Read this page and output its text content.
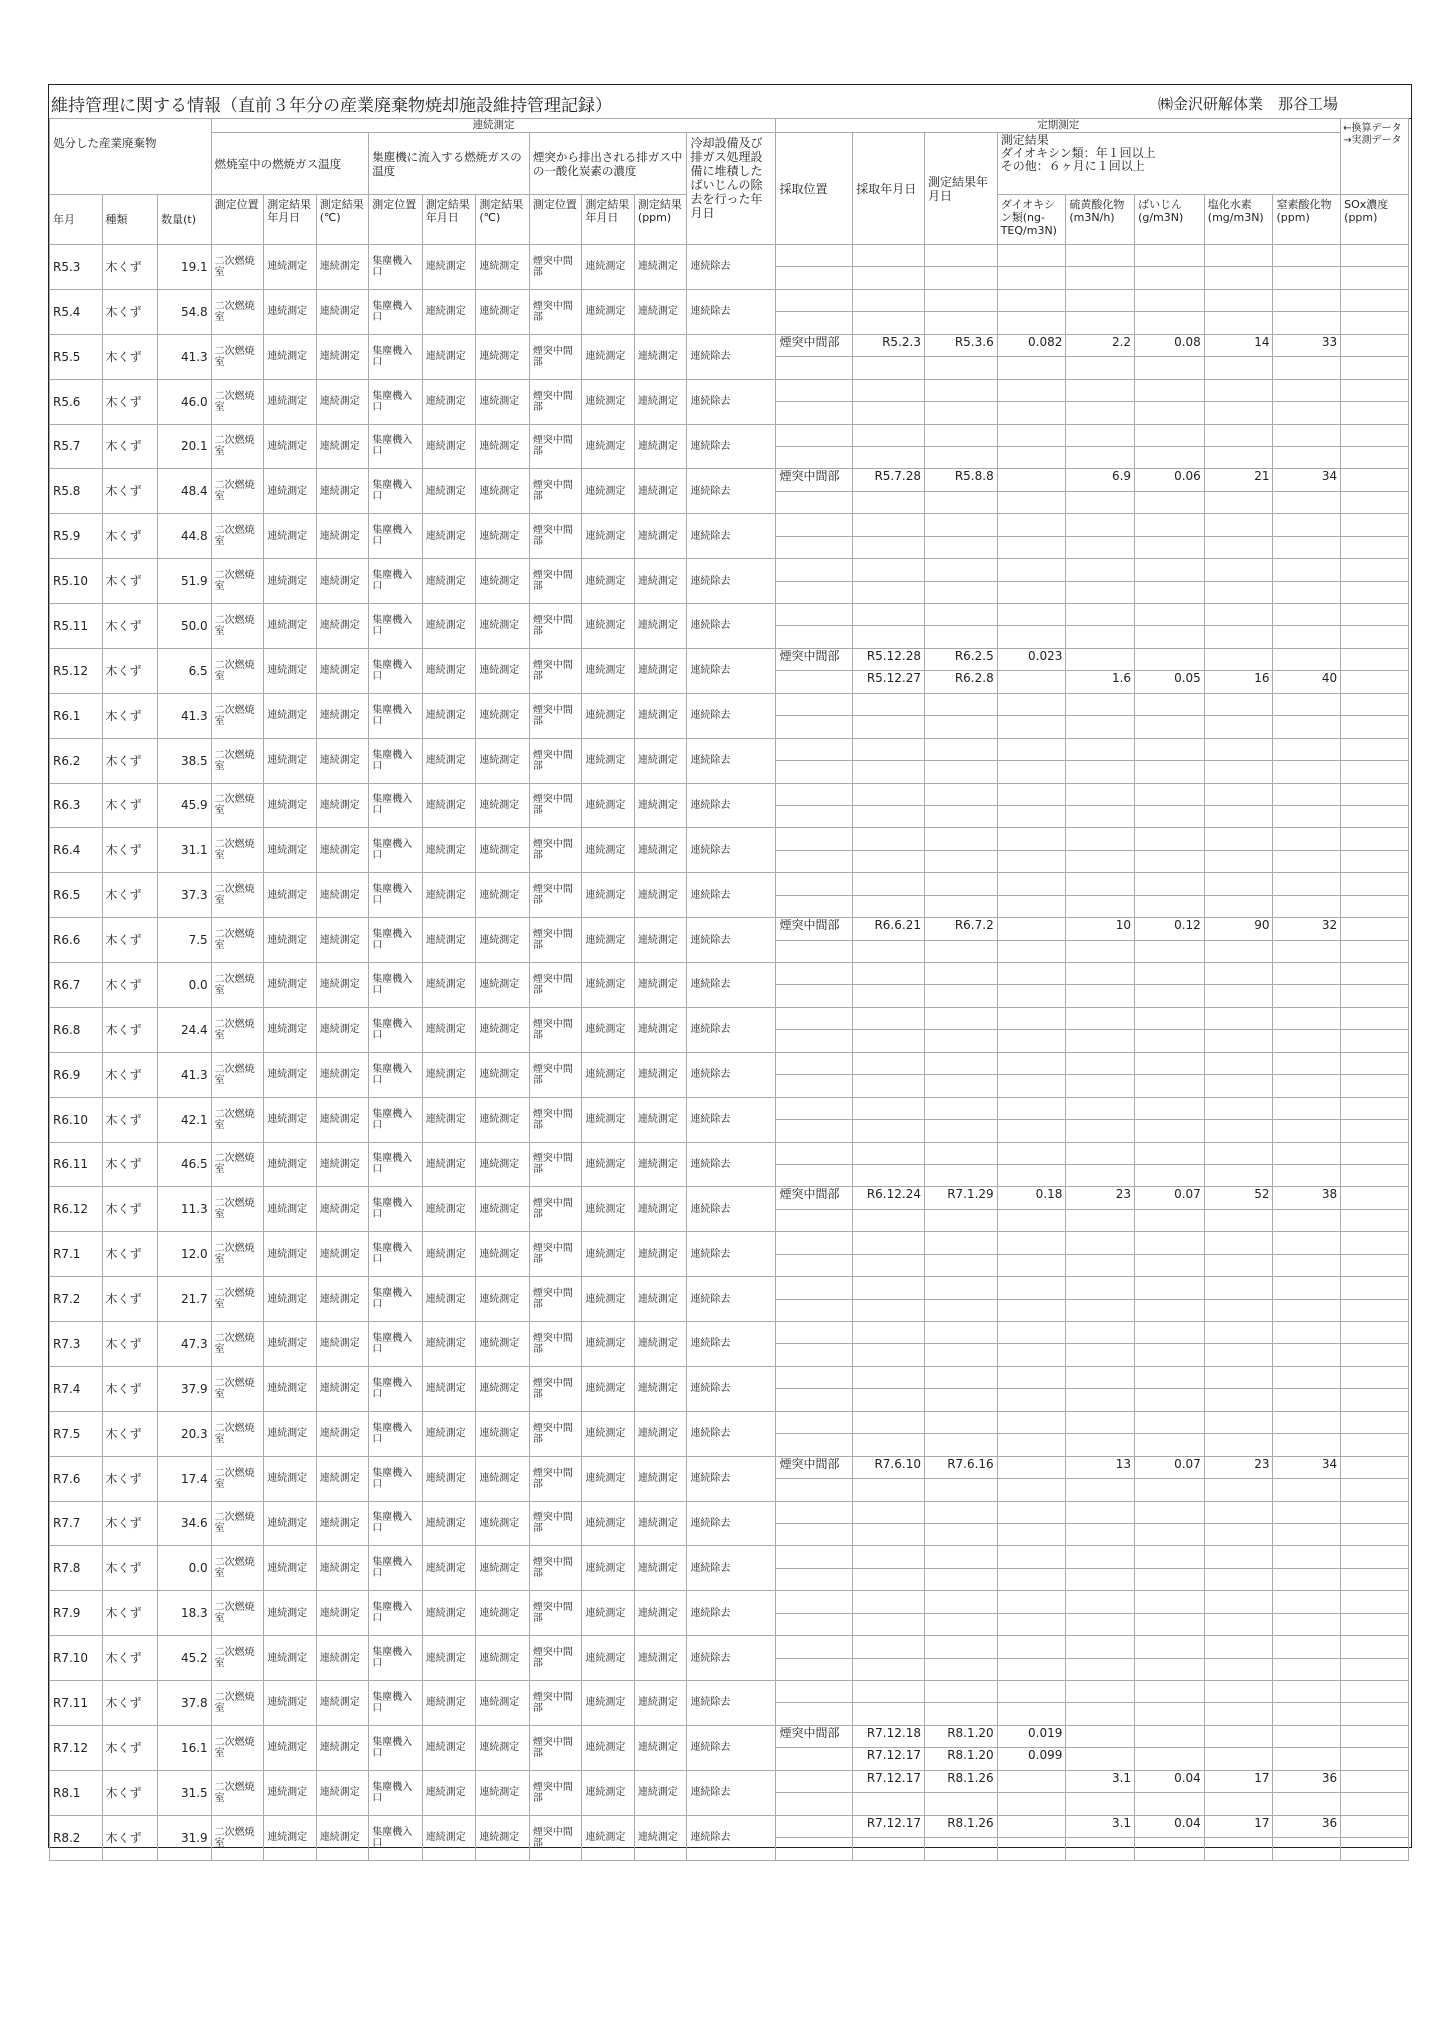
維持管理に関する情報（直前３年分の産業廃棄物焼却施設維持管理記録）	㈱金沢研解体業　那谷工場
			連続測定										定期測定								←換算データ
→実測データ
処分した産業廃棄物			燃焼室中の燃焼ガス温度			集塵機に流入する燃焼ガスの温度			煙突から排出される排ガス中の一酸化炭素の濃度			冷却設備及び排ガス処理設備に堆積したばいじんの除去を行った年月日	採取位置	採取年月日	測定結果年月日	測定結果
ダイオキシン類：年１回以上
その他：６ヶ月に１回以上					
年月	種類	数量(t)	測定位置	測定結果年月日	測定結果(℃)	測定位置	測定結果年月日	測定結果(℃)	測定位置	測定結果年月日	測定結果(ppm)					ダイオキシン類(ng-TEQ/m3N)	硫黄酸化物(m3N/h)	ばいじん(g/m3N)	塩化水素(mg/m3N)	窒素酸化物(ppm)	SOx濃度(ppm)
R5.3	木くず	19.1	二次燃焼室	連続測定	連続測定	集塵機入口	連続測定	連続測定	煙突中間部	連続測定	連続測定	連続除去									

R5.4	木くず	54.8	二次燃焼室	連続測定	連続測定	集塵機入口	連続測定	連続測定	煙突中間部	連続測定	連続測定	連続除去									

R5.5	木くず	41.3	二次燃焼室	連続測定	連続測定	集塵機入口	連続測定	連続測定	煙突中間部	連続測定	連続測定	連続除去	煙突中間部	R5.2.3	R5.3.6	0.082	2.2	0.08	14	33	

R5.6	木くず	46.0	二次燃焼室	連続測定	連続測定	集塵機入口	連続測定	連続測定	煙突中間部	連続測定	連続測定	連続除去									

R5.7	木くず	20.1	二次燃焼室	連続測定	連続測定	集塵機入口	連続測定	連続測定	煙突中間部	連続測定	連続測定	連続除去									

R5.8	木くず	48.4	二次燃焼室	連続測定	連続測定	集塵機入口	連続測定	連続測定	煙突中間部	連続測定	連続測定	連続除去	煙突中間部	R5.7.28	R5.8.8		6.9	0.06	21	34	

R5.9	木くず	44.8	二次燃焼室	連続測定	連続測定	集塵機入口	連続測定	連続測定	煙突中間部	連続測定	連続測定	連続除去									

R5.10	木くず	51.9	二次燃焼室	連続測定	連続測定	集塵機入口	連続測定	連続測定	煙突中間部	連続測定	連続測定	連続除去									

R5.11	木くず	50.0	二次燃焼室	連続測定	連続測定	集塵機入口	連続測定	連続測定	煙突中間部	連続測定	連続測定	連続除去									

R5.12	木くず	6.5	二次燃焼室	連続測定	連続測定	集塵機入口	連続測定	連続測定	煙突中間部	連続測定	連続測定	連続除去	煙突中間部	R5.12.28	R6.2.5	0.023					
														R5.12.27	R6.2.8		1.6	0.05	16	40	
R6.1	木くず	41.3	二次燃焼室	連続測定	連続測定	集塵機入口	連続測定	連続測定	煙突中間部	連続測定	連続測定	連続除去									

R6.2	木くず	38.5	二次燃焼室	連続測定	連続測定	集塵機入口	連続測定	連続測定	煙突中間部	連続測定	連続測定	連続除去									

R6.3	木くず	45.9	二次燃焼室	連続測定	連続測定	集塵機入口	連続測定	連続測定	煙突中間部	連続測定	連続測定	連続除去									

R6.4	木くず	31.1	二次燃焼室	連続測定	連続測定	集塵機入口	連続測定	連続測定	煙突中間部	連続測定	連続測定	連続除去									

R6.5	木くず	37.3	二次燃焼室	連続測定	連続測定	集塵機入口	連続測定	連続測定	煙突中間部	連続測定	連続測定	連続除去									

R6.6	木くず	7.5	二次燃焼室	連続測定	連続測定	集塵機入口	連続測定	連続測定	煙突中間部	連続測定	連続測定	連続除去	煙突中間部	R6.6.21	R6.7.2		10	0.12	90	32	

R6.7	木くず	0.0	二次燃焼室	連続測定	連続測定	集塵機入口	連続測定	連続測定	煙突中間部	連続測定	連続測定	連続除去									

R6.8	木くず	24.4	二次燃焼室	連続測定	連続測定	集塵機入口	連続測定	連続測定	煙突中間部	連続測定	連続測定	連続除去									

R6.9	木くず	41.3	二次燃焼室	連続測定	連続測定	集塵機入口	連続測定	連続測定	煙突中間部	連続測定	連続測定	連続除去									

R6.10	木くず	42.1	二次燃焼室	連続測定	連続測定	集塵機入口	連続測定	連続測定	煙突中間部	連続測定	連続測定	連続除去									

R6.11	木くず	46.5	二次燃焼室	連続測定	連続測定	集塵機入口	連続測定	連続測定	煙突中間部	連続測定	連続測定	連続除去									

R6.12	木くず	11.3	二次燃焼室	連続測定	連続測定	集塵機入口	連続測定	連続測定	煙突中間部	連続測定	連続測定	連続除去	煙突中間部	R6.12.24	R7.1.29	0.18	23	0.07	52	38	

R7.1	木くず	12.0	二次燃焼室	連続測定	連続測定	集塵機入口	連続測定	連続測定	煙突中間部	連続測定	連続測定	連続除去									

R7.2	木くず	21.7	二次燃焼室	連続測定	連続測定	集塵機入口	連続測定	連続測定	煙突中間部	連続測定	連続測定	連続除去									

R7.3	木くず	47.3	二次燃焼室	連続測定	連続測定	集塵機入口	連続測定	連続測定	煙突中間部	連続測定	連続測定	連続除去									

R7.4	木くず	37.9	二次燃焼室	連続測定	連続測定	集塵機入口	連続測定	連続測定	煙突中間部	連続測定	連続測定	連続除去									

R7.5	木くず	20.3	二次燃焼室	連続測定	連続測定	集塵機入口	連続測定	連続測定	煙突中間部	連続測定	連続測定	連続除去									

R7.6	木くず	17.4	二次燃焼室	連続測定	連続測定	集塵機入口	連続測定	連続測定	煙突中間部	連続測定	連続測定	連続除去	煙突中間部	R7.6.10	R7.6.16		13	0.07	23	34	

R7.7	木くず	34.6	二次燃焼室	連続測定	連続測定	集塵機入口	連続測定	連続測定	煙突中間部	連続測定	連続測定	連続除去									

R7.8	木くず	0.0	二次燃焼室	連続測定	連続測定	集塵機入口	連続測定	連続測定	煙突中間部	連続測定	連続測定	連続除去									

R7.9	木くず	18.3	二次燃焼室	連続測定	連続測定	集塵機入口	連続測定	連続測定	煙突中間部	連続測定	連続測定	連続除去									

R7.10	木くず	45.2	二次燃焼室	連続測定	連続測定	集塵機入口	連続測定	連続測定	煙突中間部	連続測定	連続測定	連続除去									

R7.11	木くず	37.8	二次燃焼室	連続測定	連続測定	集塵機入口	連続測定	連続測定	煙突中間部	連続測定	連続測定	連続除去									

R7.12	木くず	16.1	二次燃焼室	連続測定	連続測定	集塵機入口	連続測定	連続測定	煙突中間部	連続測定	連続測定	連続除去	煙突中間部	R7.12.18	R8.1.20	0.019					
														R7.12.17	R8.1.20	0.099					
R8.1	木くず	31.5	二次燃焼室	連続測定	連続測定	集塵機入口	連続測定	連続測定	煙突中間部	連続測定	連続測定	連続除去		R7.12.17	R8.1.26		3.1	0.04	17	36	

R8.2	木くず	31.9	二次燃焼室	連続測定	連続測定	集塵機入口	連続測定	連続測定	煙突中間部	連続測定	連続測定	連続除去		R7.12.17	R8.1.26		3.1	0.04	17	36	
